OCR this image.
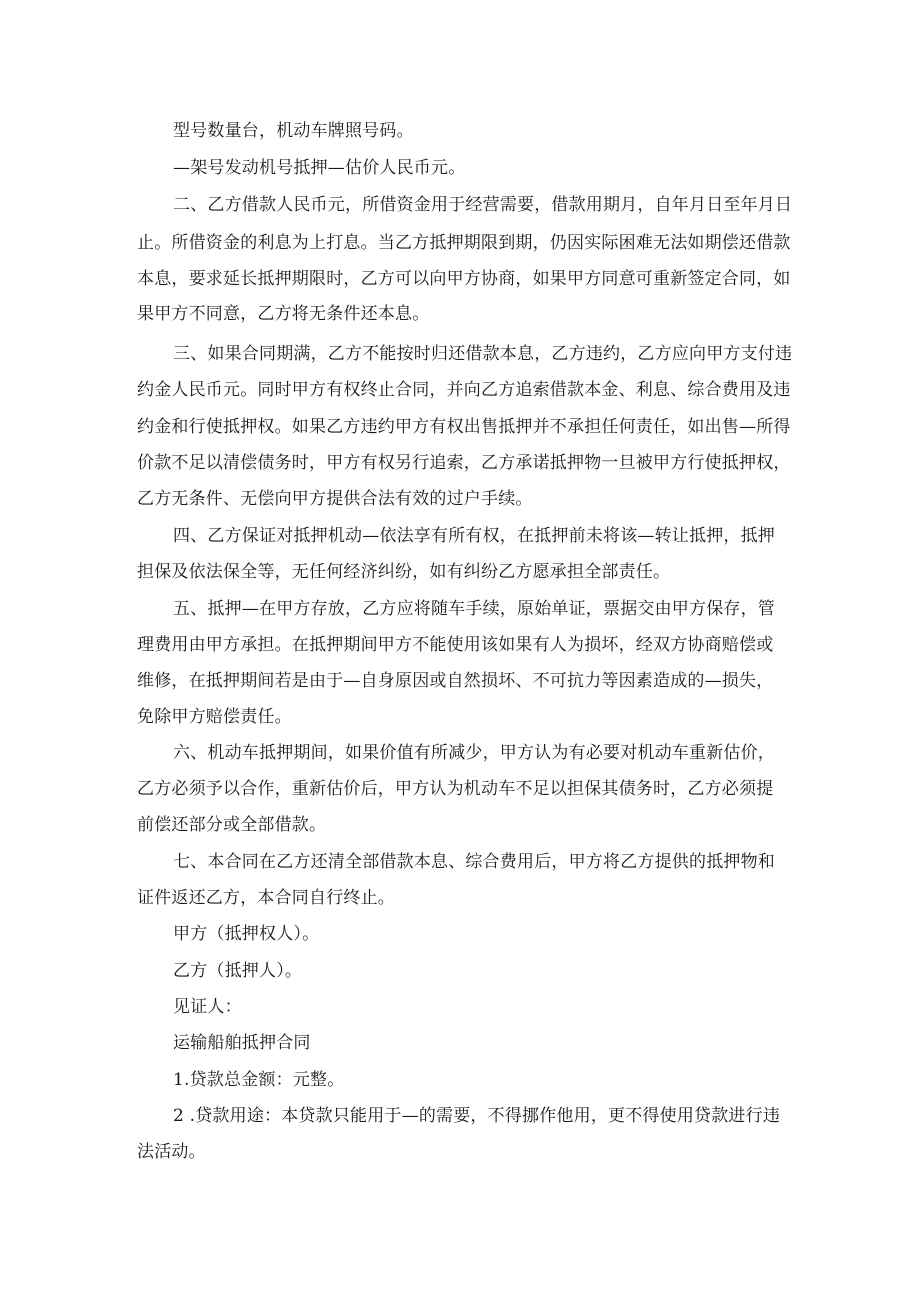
型号数量台，机动车牌照号码。
—架号发动机号抵押—估价人民币元。
二、乙方借款人民币元，所借资金用于经营需要，借款用期月，自年月日至年月日
止。所借资金的利息为上打息。当乙方抵押期限到期，仍因实际困难无法如期偿还借款
本息，要求延长抵押期限时，乙方可以向甲方协商，如果甲方同意可重新签定合同，如
果甲方不同意，乙方将无条件还本息。
三、如果合同期满，乙方不能按时归还借款本息，乙方违约，乙方应向甲方支付违
约金人民币元。同时甲方有权终止合同，并向乙方追索借款本金、利息、综合费用及违
约金和行使抵押权。如果乙方违约甲方有权出售抵押并不承担任何责任，如出售—所得
价款不足以清偿债务时，甲方有权另行追索，乙方承诺抵押物一旦被甲方行使抵押权，
乙方无条件、无偿向甲方提供合法有效的过户手续。
四、乙方保证对抵押机动—依法享有所有权，在抵押前未将该—转让抵押，抵押
担保及依法保全等，无任何经济纠纷，如有纠纷乙方愿承担全部责任。
五、抵押—在甲方存放，乙方应将随车手续，原始单证，票据交由甲方保存，管
理费用由甲方承担。在抵押期间甲方不能使用该如果有人为损坏，经双方协商赔偿或
维修，在抵押期间若是由于—自身原因或自然损坏、不可抗力等因素造成的—损失，
免除甲方赔偿责任。
六、机动车抵押期间，如果价值有所减少，甲方认为有必要对机动车重新估价，
乙方必须予以合作，重新估价后，甲方认为机动车不足以担保其债务时，乙方必须提
前偿还部分或全部借款。
七、本合同在乙方还清全部借款本息、综合费用后，甲方将乙方提供的抵押物和
证件返还乙方，本合同自行终止。
甲方（抵押权人）。
乙方（抵押人）。
见证人：
运输船舶抵押合同
1.贷款总金额：元整。
2 .贷款用途：本贷款只能用于—的需要，不得挪作他用，更不得使用贷款进行违
法活动。
